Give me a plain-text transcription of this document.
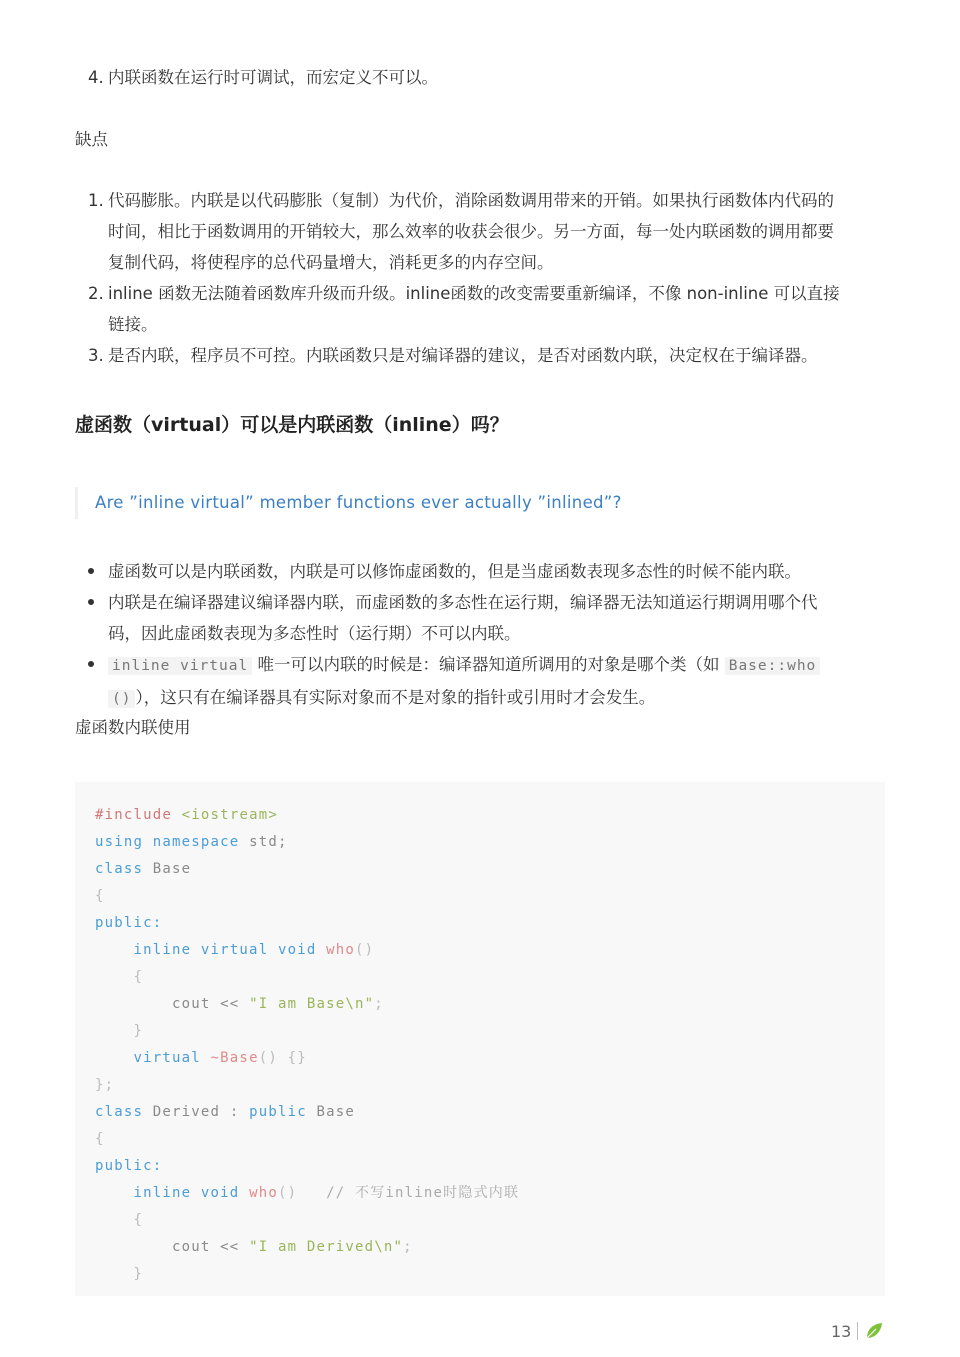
4. 内联函数在运行时可调试，而宏定义不可以。
缺点
1. 代码膨胀。内联是以代码膨胀（复制）为代价，消除函数调用带来的开销。如果执行函数体内代码的
时间，相比于函数调用的开销较大，那么效率的收获会很少。另一方面，每一处内联函数的调用都要
复制代码，将使程序的总代码量增大，消耗更多的内存空间。
2. inline 函数无法随着函数库升级而升级。inline函数的改变需要重新编译，不像 non-inline 可以直接
链接。
3. 是否内联，程序员不可控。内联函数只是对编译器的建议，是否对函数内联，决定权在于编译器。
虚函数（virtual）可以是内联函数（inline）吗？
Are ”inline virtual” member functions ever actually ”inlined”?
虚函数可以是内联函数，内联是可以修饰虚函数的，但是当虚函数表现多态性的时候不能内联。
内联是在编译器建议编译器内联，而虚函数的多态性在运行期，编译器无法知道运行期调用哪个代
码，因此虚函数表现为多态性时（运行期）不可以内联。
inline virtual 唯一可以内联的时候是：编译器知道所调用的对象是哪个类（如 Base::who
() ），这只有在编译器具有实际对象而不是对象的指针或引用时才会发生。
虚函数内联使用
#include <iostream>
using namespace std;
class Base
{
public:
inline virtual void who()
{
cout << "I am Base\n";
}
virtual ~Base() {}
};
class Derived : public Base
{
public:
inline void who()   // 不写inline时隐式内联
{
cout << "I am Derived\n";
}
13
